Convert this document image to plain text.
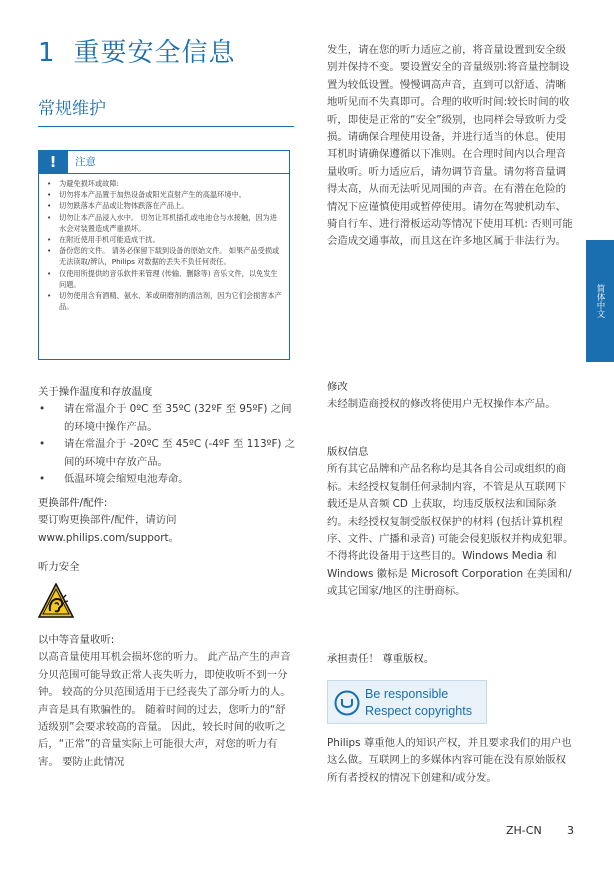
1 重要安全信息
常规维护
!	注意
• 为避免损坏或故障:
• 切勿将本产品置于加热设备或阳光直射产生的高温环境中。
• 切勿跌落本产品或让物体跌落在产品上。
• 切勿让本产品浸入水中。 切勿让耳机插孔或电池仓与水接触，因为进水会对装置造成严重损坏。
• 在附近使用手机可能造成干扰。
• 备份您的文件。 请务必保留下载到设备的原始文件。 如果产品受损或无法读取/辨认，Philips 对数据的丢失不负任何责任。
• 仅使用所提供的音乐软件来管理 (传输、删除等) 音乐文件，以免发生问题。
• 切勿使用含有酒精、氨水、苯或研磨剂的清洁剂，因为它们会损害本产品。

关于操作温度和存放温度

• 请在常温介于 0ºC 至 35ºC (32ºF 至 95ºF) 之间的环境中操作产品。
• 请在常温介于 -20ºC 至 45ºC (-4ºF 至 113ºF) 之间的环境中存放产品。
• 低温环境会缩短电池寿命。

更换部件/配件:

要订购更换部件/配件，请访问 www.philips.com/support。

听力安全

以中等音量收听:

以高音量使用耳机会损坏您的听力。 此产品产生的声音分贝范围可能导致正常人丧失听力，即使收听不到一分钟。 较高的分贝范围适用于已经丧失了部分听力的人。声音是具有欺骗性的。 随着时间的过去，您听力的“舒适级别”会要求较高的音量。 因此，较长时间的收听之后，“正常”的音量实际上可能很大声，对您的听力有害。 要防止此情况

发生，请在您的听力适应之前，将音量设置到安全级别并保持不变。要设置安全的音量级别:将音量控制设置为较低设置。慢慢调高声音，直到可以舒适、清晰地听见而不失真即可。合理的收听时间:较长时间的收听，即使是正常的“安全”级别，也同样会导致听力受损。请确保合理使用设备，并进行适当的休息。使用耳机时请确保遵循以下准则。在合理时间内以合理音量收听。听力适应后，请勿调节音量。请勿将音量调得太高，从而无法听见周围的声音。在有潜在危险的情况下应谨慎使用或暂停使用。请勿在驾驶机动车、骑自行车、进行滑板运动等情况下使用耳机: 否则可能会造成交通事故，而且这在许多地区属于非法行为。

修改

未经制造商授权的修改将使用户无权操作本产品。

版权信息

所有其它品牌和产品名称均是其各自公司或组织的商标。未经授权复制任何录制内容，不管是从互联网下载还是从音频 CD 上获取，均违反版权法和国际条约。未经授权复制受版权保护的材料 (包括计算机程序、文件、广播和录音) 可能会侵犯版权并构成犯罪。 不得将此设备用于这些目的。Windows Media 和 Windows 徽标是 Microsoft Corporation 在美国和/或其它国家/地区的注册商标。

承担责任！ 尊重版权。

Be responsible
Respect copyrights

Philips 尊重他人的知识产权，并且要求我们的用户也这么做。互联网上的多媒体内容可能在没有原始版权所有者授权的情况下创建和/或分发。

简体中文
ZH-CN 3
